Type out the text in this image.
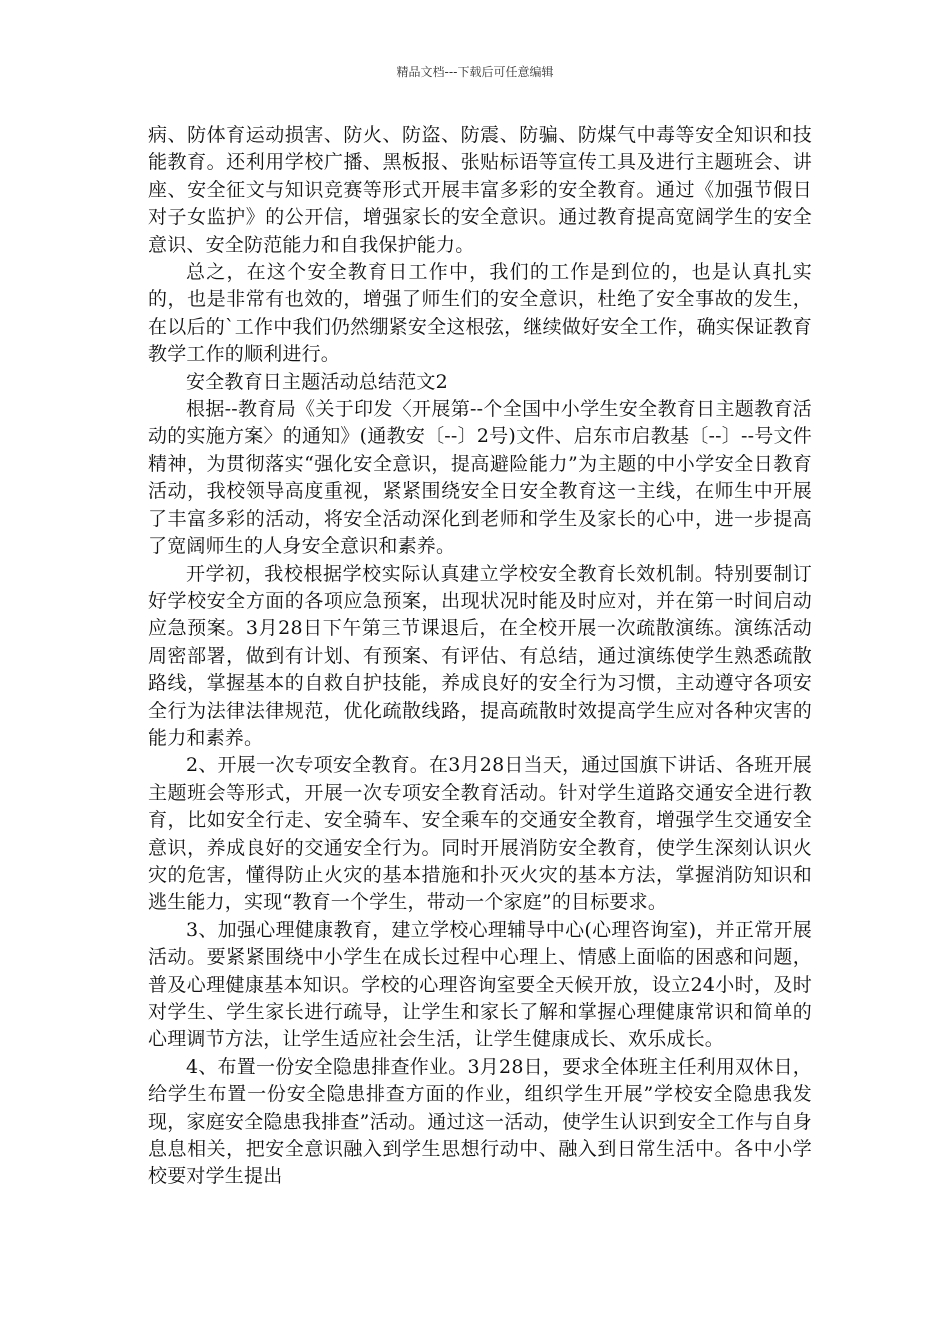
精品文档---下载后可任意编辑

病、防体育运动损害、防火、防盗、防震、防骗、防煤气中毒等安全知识和技能教育。还利用学校广播、黑板报、张贴标语等宣传工具及进行主题班会、讲座、安全征文与知识竞赛等形式开展丰富多彩的安全教育。通过《加强节假日对子女监护》的公开信，增强家长的安全意识。通过教育提高宽阔学生的安全意识、安全防范能力和自我保护能力。

总之，在这个安全教育日工作中，我们的工作是到位的，也是认真扎实的，也是非常有也效的，增强了师生们的安全意识，杜绝了安全事故的发生，在以后的`工作中我们仍然绷紧安全这根弦，继续做好安全工作，确实保证教育教学工作的顺利进行。

安全教育日主题活动总结范文2

根据--教育局《关于印发〈开展第--个全国中小学生安全教育日主题教育活动的实施方案〉的通知》(通教安〔--〕2号)文件、启东市启教基〔--〕--号文件精神，为贯彻落实“强化安全意识，提高避险能力”为主题的中小学安全日教育活动，我校领导高度重视，紧紧围绕安全日安全教育这一主线，在师生中开展了丰富多彩的活动，将安全活动深化到老师和学生及家长的心中，进一步提高了宽阔师生的人身安全意识和素养。

开学初，我校根据学校实际认真建立学校安全教育长效机制。特别要制订好学校安全方面的各项应急预案，出现状况时能及时应对，并在第一时间启动应急预案。3月28日下午第三节课退后，在全校开展一次疏散演练。演练活动周密部署，做到有计划、有预案、有评估、有总结，通过演练使学生熟悉疏散路线，掌握基本的自救自护技能，养成良好的安全行为习惯，主动遵守各项安全行为法律法律规范，优化疏散线路，提高疏散时效提高学生应对各种灾害的能力和素养。

2、开展一次专项安全教育。在3月28日当天，通过国旗下讲话、各班开展主题班会等形式，开展一次专项安全教育活动。针对学生道路交通安全进行教育，比如安全行走、安全骑车、安全乘车的交通安全教育，增强学生交通安全意识，养成良好的交通安全行为。同时开展消防安全教育，使学生深刻认识火灾的危害，懂得防止火灾的基本措施和扑灭火灾的基本方法，掌握消防知识和逃生能力，实现“教育一个学生，带动一个家庭”的目标要求。

3、加强心理健康教育，建立学校心理辅导中心(心理咨询室)，并正常开展活动。要紧紧围绕中小学生在成长过程中心理上、情感上面临的困惑和问题，普及心理健康基本知识。学校的心理咨询室要全天候开放，设立24小时，及时对学生、学生家长进行疏导，让学生和家长了解和掌握心理健康常识和简单的心理调节方法，让学生适应社会生活，让学生健康成长、欢乐成长。

4、布置一份安全隐患排查作业。3月28日，要求全体班主任利用双休日，给学生布置一份安全隐患排查方面的作业，组织学生开展”学校安全隐患我发现，家庭安全隐患我排查”活动。通过这一活动，使学生认识到安全工作与自身息息相关，把安全意识融入到学生思想行动中、融入到日常生活中。各中小学校要对学生提出
